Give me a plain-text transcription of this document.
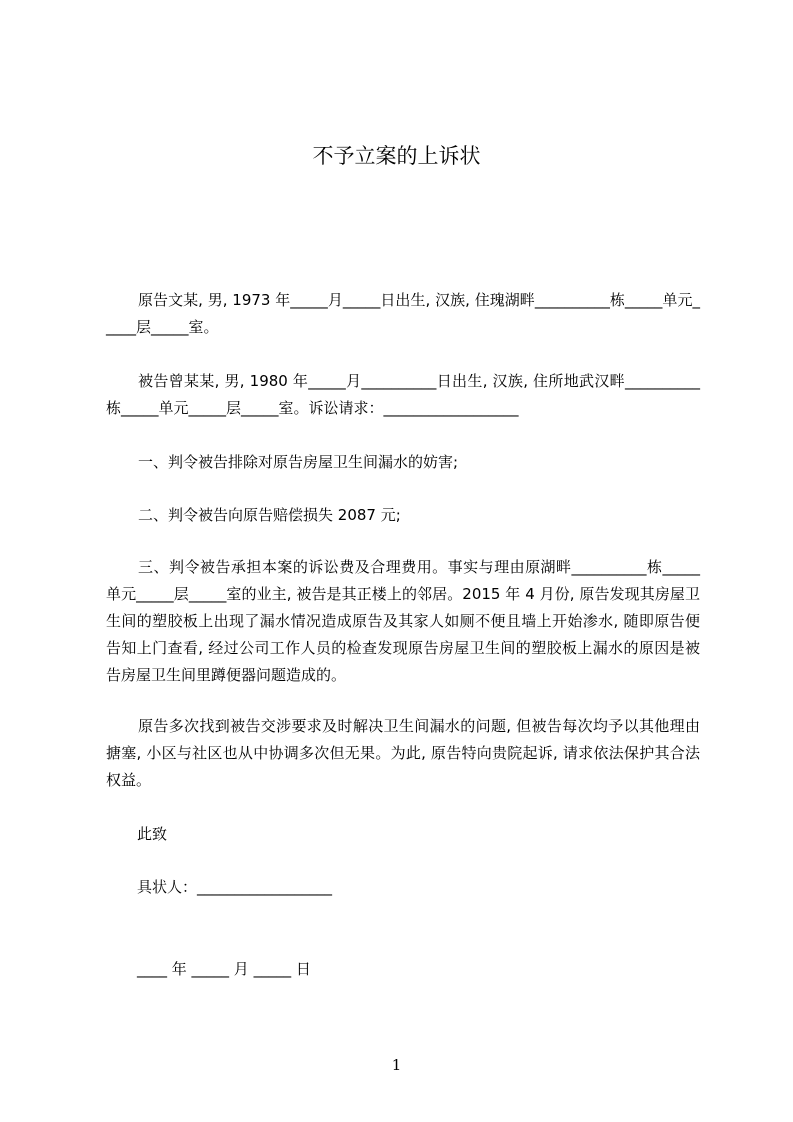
不予立案的上诉状

原告文某, 男, 1973 年_____月_____日出生, 汉族, 住瑰湖畔__________栋_____单元_____层_____室。

被告曾某某, 男, 1980 年_____月__________日出生, 汉族, 住所地武汉畔__________栋_____单元_____层_____室。诉讼请求：__________________

一、判令被告排除对原告房屋卫生间漏水的妨害;

二、判令被告向原告赔偿损失 2087 元;

三、判令被告承担本案的诉讼费及合理费用。事实与理由原湖畔__________栋_____单元_____层_____室的业主, 被告是其正楼上的邻居。2015 年 4 月份, 原告发现其房屋卫生间的塑胶板上出现了漏水情况造成原告及其家人如厕不便且墙上开始渗水, 随即原告便告知上门查看, 经过公司工作人员的检查发现原告房屋卫生间的塑胶板上漏水的原因是被告房屋卫生间里蹲便器问题造成的。

原告多次找到被告交涉要求及时解决卫生间漏水的问题, 但被告每次均予以其他理由搪塞, 小区与社区也从中协调多次但无果。为此, 原告特向贵院起诉, 请求依法保护其合法权益。

此致

具状人：__________________

____ 年 _____ 月 _____ 日

1
